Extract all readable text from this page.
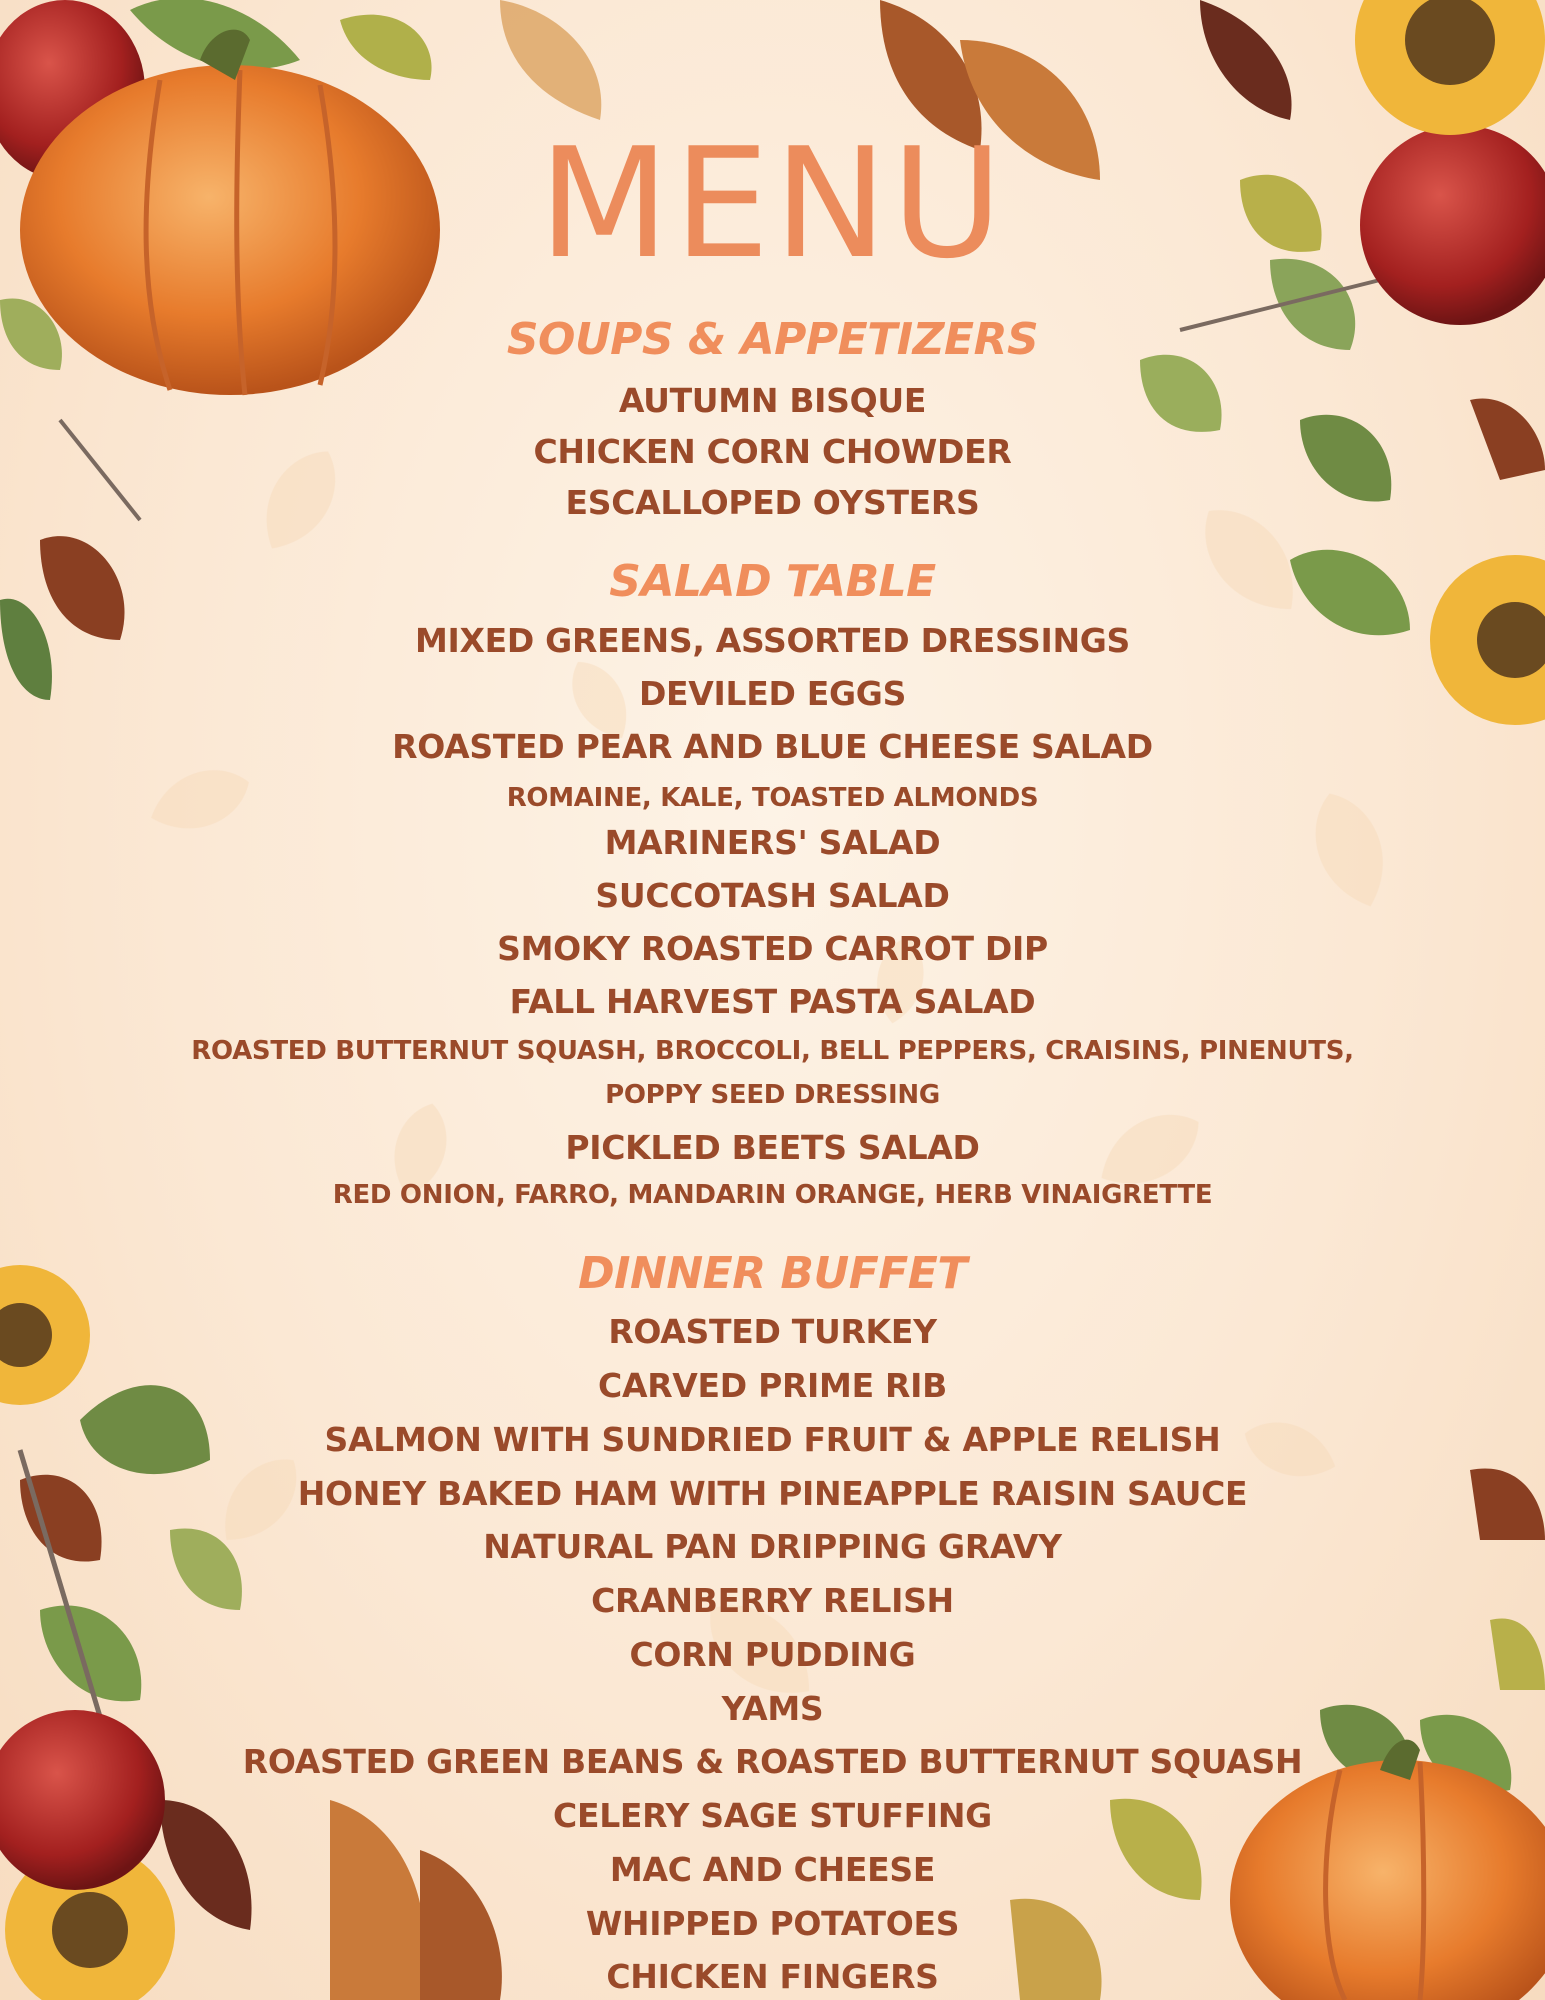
MENU
SOUPS & APPETIZERS
AUTUMN BISQUE
CHICKEN CORN CHOWDER
ESCALLOPED OYSTERS
SALAD TABLE
MIXED GREENS, ASSORTED DRESSINGS
DEVILED EGGS
ROASTED PEAR AND BLUE CHEESE SALAD
ROMAINE, KALE, TOASTED ALMONDS
MARINERS' SALAD
SUCCOTASH SALAD
SMOKY ROASTED CARROT DIP
FALL HARVEST PASTA SALAD
ROASTED BUTTERNUT SQUASH, BROCCOLI, BELL PEPPERS, CRAISINS, PINENUTS,
POPPY SEED DRESSING
PICKLED BEETS SALAD
RED ONION, FARRO, MANDARIN ORANGE, HERB VINAIGRETTE
DINNER BUFFET
ROASTED TURKEY
CARVED PRIME RIB
SALMON WITH SUNDRIED FRUIT & APPLE RELISH
HONEY BAKED HAM WITH PINEAPPLE RAISIN SAUCE
NATURAL PAN DRIPPING GRAVY
CRANBERRY RELISH
CORN PUDDING
YAMS
ROASTED GREEN BEANS & ROASTED BUTTERNUT SQUASH
CELERY SAGE STUFFING
MAC AND CHEESE
WHIPPED POTATOES
CHICKEN FINGERS
